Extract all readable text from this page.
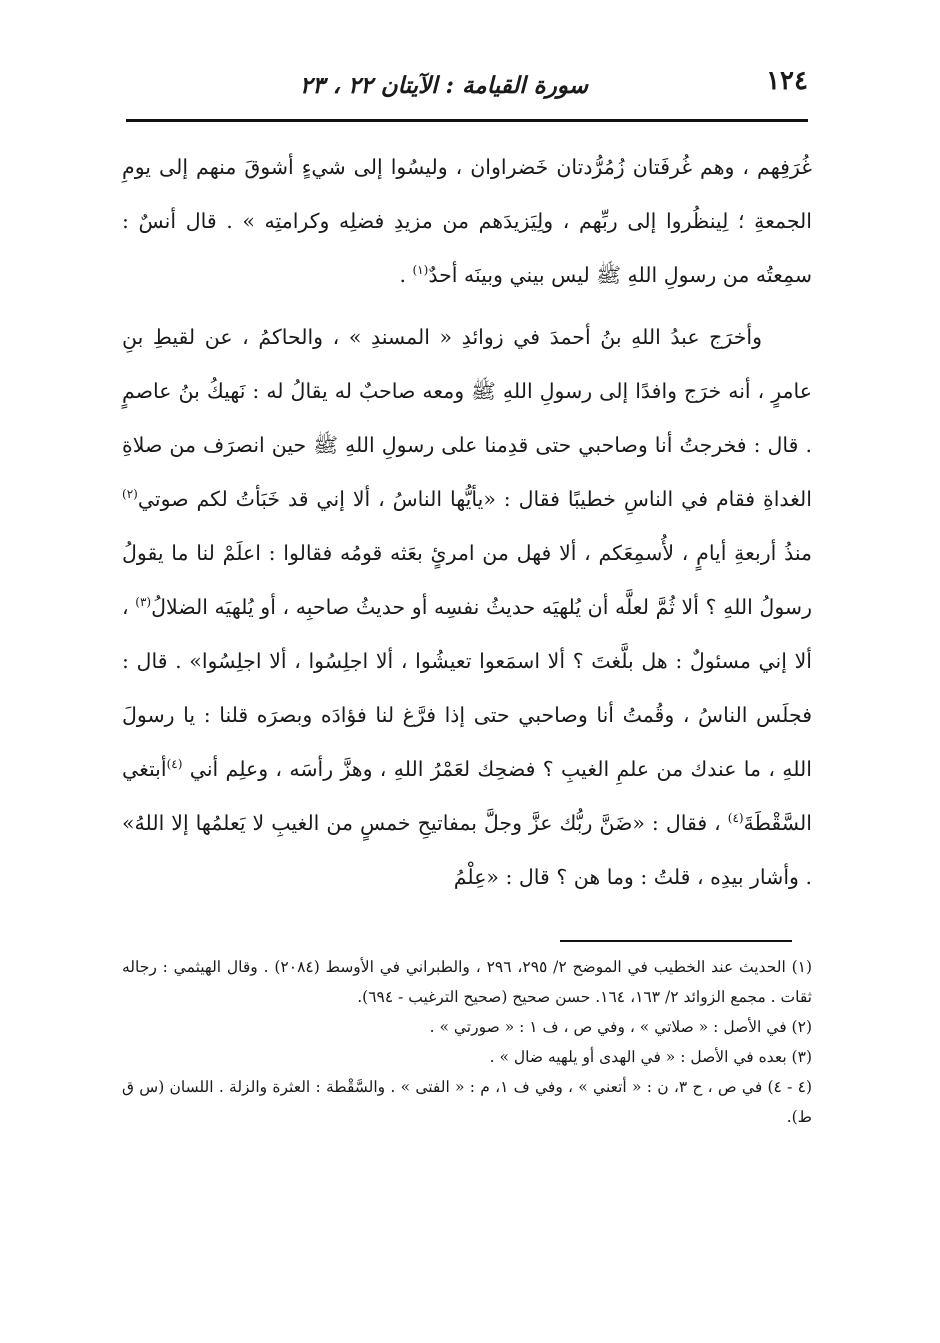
١٢٤
سورة القيامة : الآيتان ٢٢ ، ٢٣

غُرَفِهم ، وهم غُرفَتان زُمُرُّدتان خَضراوان ، وليسُوا إلى شيءٍ أشوقَ منهم إلى يومِ الجمعةِ ؛ لِينظُروا إلى ربِّهم ، ولِيَزيدَهم من مزيدِ فضلِه وكرامتِه » . قال أنسٌ : سمِعتُه من رسولِ اللهِ ﷺ ليس بيني وبينَه أحدٌ$^{(١)}$ .

وأخرَج عبدُ اللهِ بنُ أحمدَ في زوائدِ « المسندِ » ، والحاكمُ ، عن لقيطِ بنِ عامرٍ ، أنه خرَج وافدًا إلى رسولِ اللهِ ﷺ ومعه صاحبٌ له يقالُ له : نَهيكُ بنُ عاصمٍ . قال : فخرجتُ أنا وصاحبي حتى قدِمنا على رسولِ اللهِ ﷺ حين انصرَف من صلاةِ الغداةِ فقام في الناسِ خطيبًا فقال : «يأيُّها الناسُ ، ألا إني قد خَبَأتُ لكم صوتي$^{(٢)}$ منذُ أربعةِ أيامٍ ، لأُسمِعَكم ، ألا فهل من امرئٍ بعَثه قومُه فقالوا : اعلَمْ لنا ما يقولُ رسولُ اللهِ ؟ ألا ثُمَّ لعلَّه أن يُلهيَه حديثُ نفسِه أو حديثُ صاحبِه ، أو يُلهيَه الضلالُ$^{(٣)}$ ، ألا إني مسئولٌ : هل بلَّغتَ ؟ ألا اسمَعوا تعيشُوا ، ألا اجلِسُوا ، ألا اجلِسُوا» . قال : فجلَس الناسُ ، وقُمتُ أنا وصاحبي حتى إذا فرَّغ لنا فؤادَه وبصرَه قلنا : يا رسولَ اللهِ ، ما عندك من علمِ الغيبِ ؟ فضحِك لعَمْرُ اللهِ ، وهزَّ رأسَه ، وعلِم أني $^{(٤)}$أبتغي السَّقْطَةَ$^{(٤)}$ ، فقال : «ضَنَّ ربُّك عزَّ وجلَّ بمفاتيحِ خمسٍ من الغيبِ لا يَعلمُها إلا اللهُ» . وأشار بيدِه ، قلتُ : وما هن ؟ قال : «عِلْمُ

(١) الحديث عند الخطيب في الموضح ٢/ ٢٩٥، ٢٩٦ ، والطبراني في الأوسط (٢٠٨٤) . وقال الهيثمي : رجاله ثقات . مجمع الزوائد ٢/ ١٦٣، ١٦٤. حسن صحيح (صحيح الترغيب - ٦٩٤).

(٢) في الأصل : « صلاتي » ، وفي ص ، ف ١ : « صورتي » .

(٣) بعده في الأصل : « في الهدى أو يلهيه ضال » .

(٤ - ٤) في ص ، ح ٣، ن : « أتعني » ، وفي ف ١، م : « الفتى » . والسَّقْطة : العثرة والزلة . اللسان (س ق ط).
